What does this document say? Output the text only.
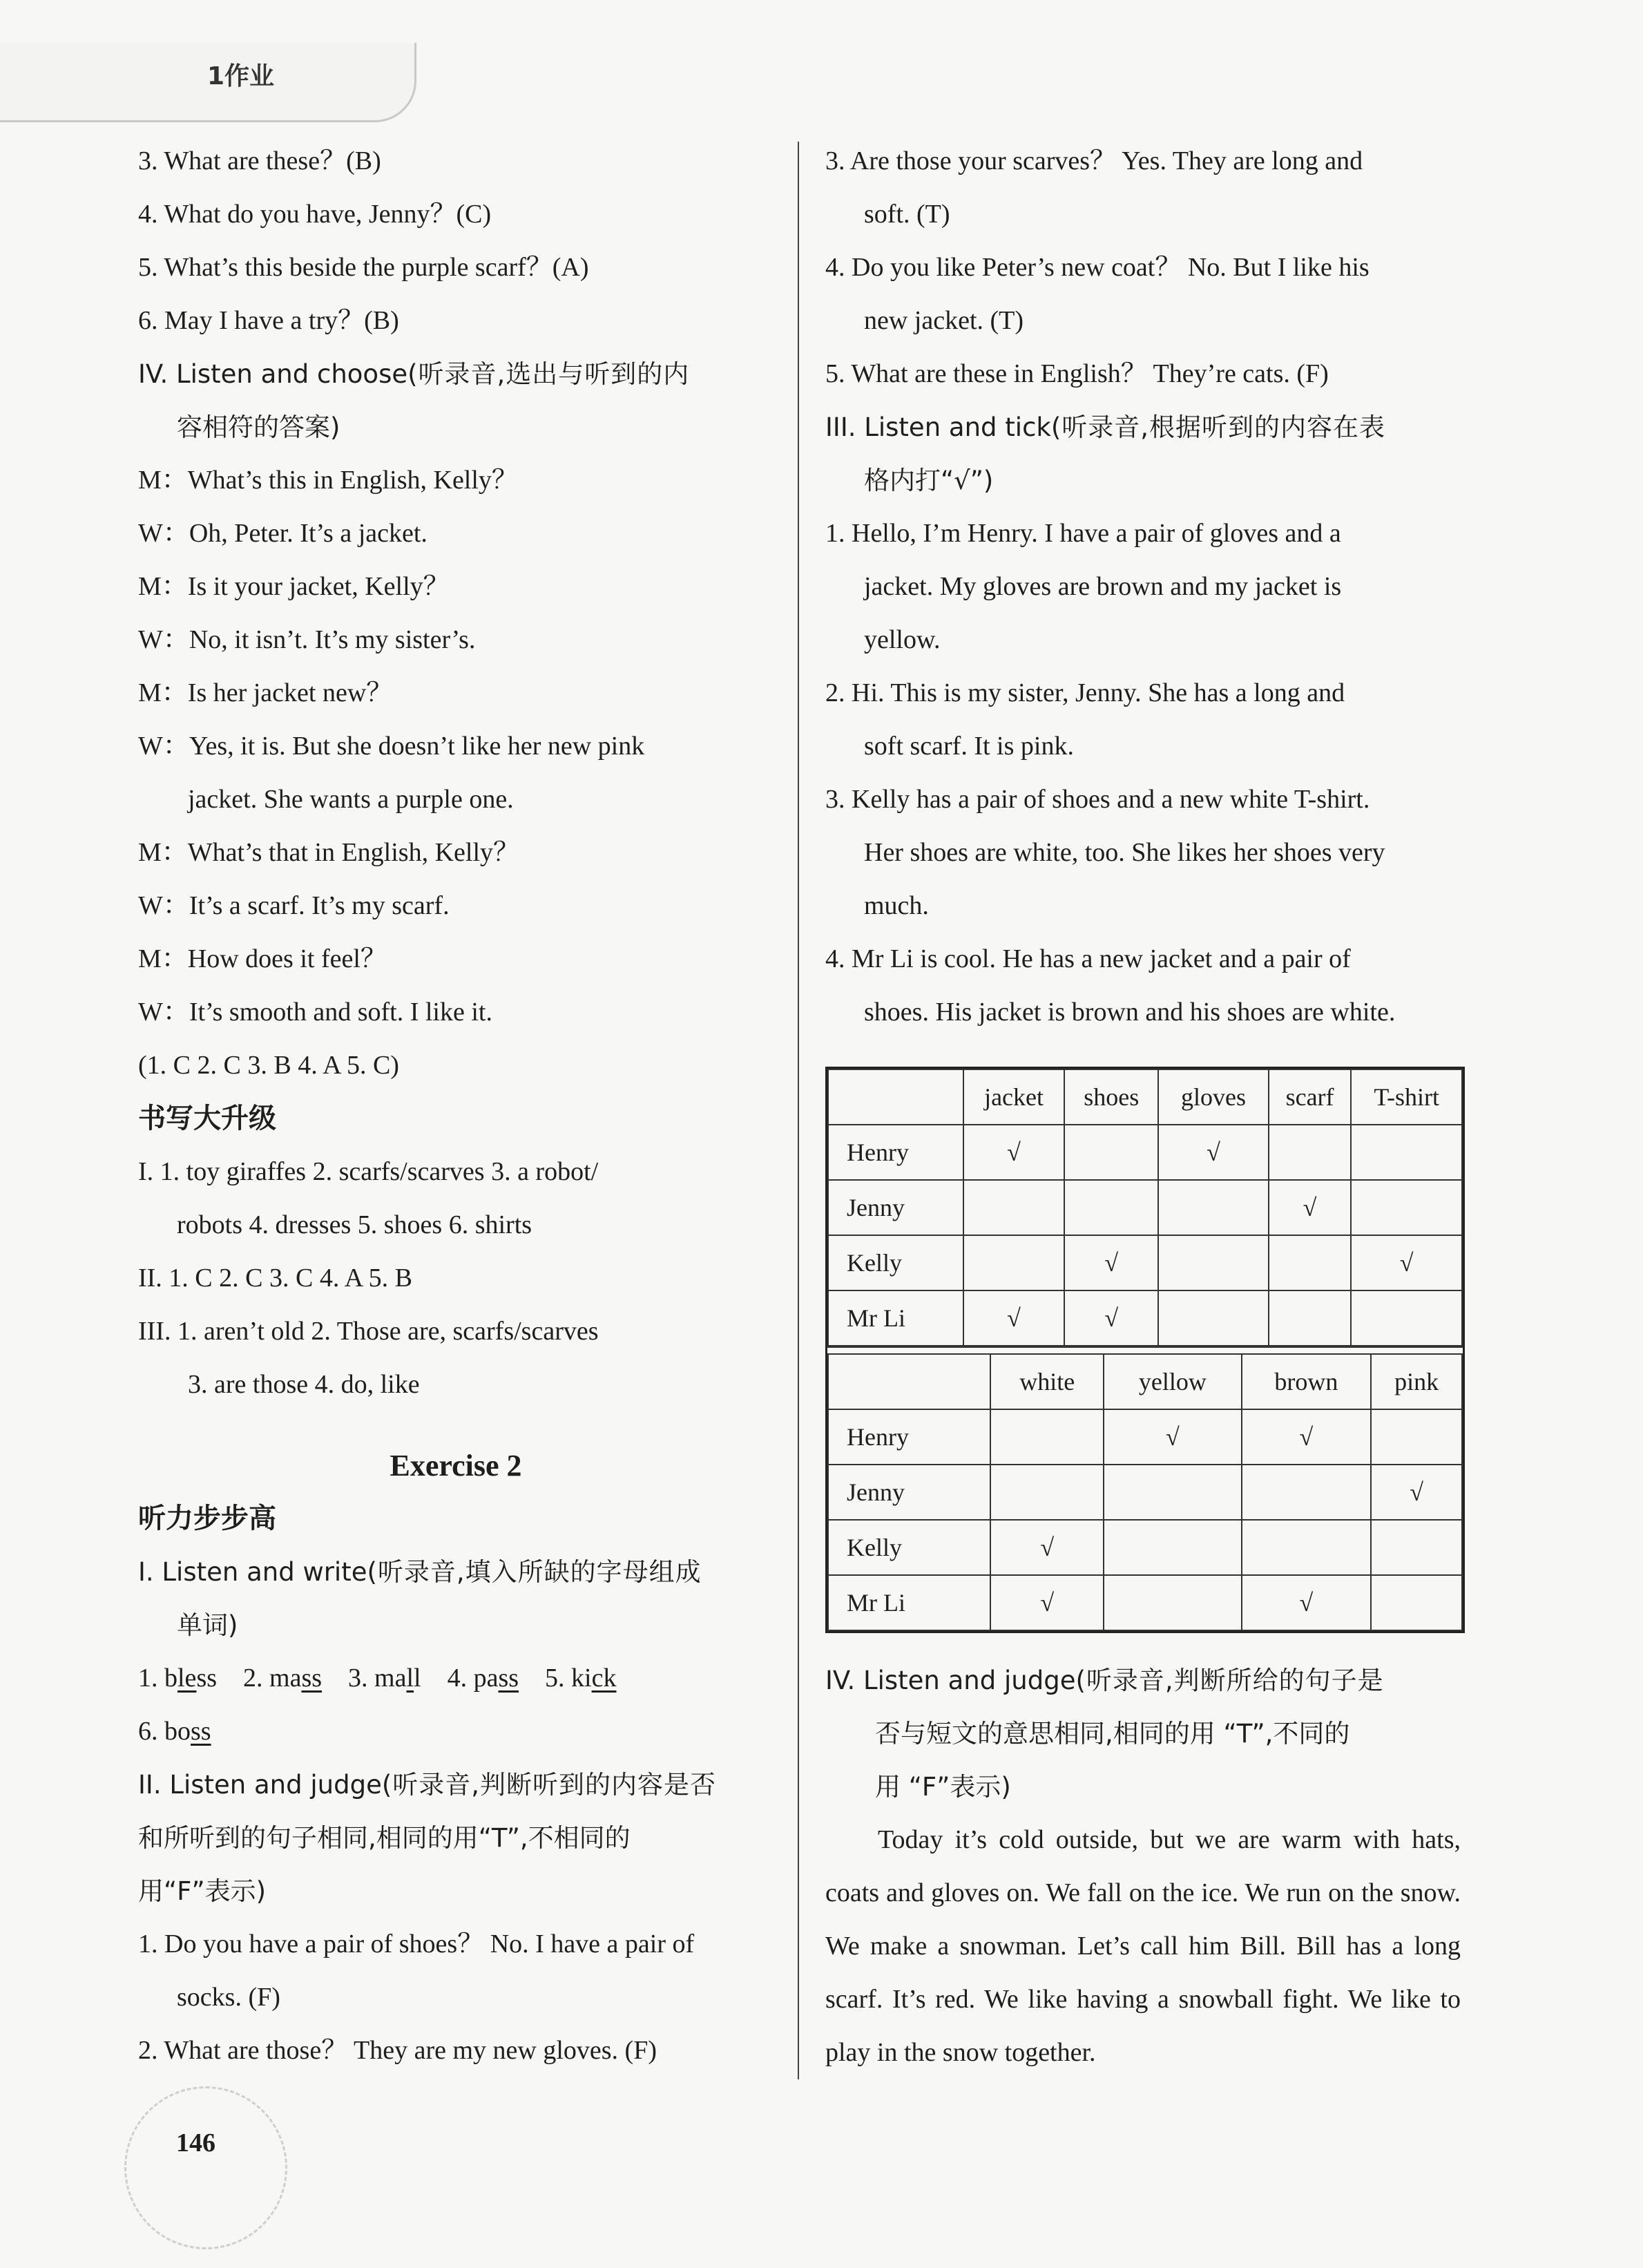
1作业
3. What are these？(B)
4. What do you have, Jenny？(C)
5. What’s this beside the purple scarf？(A)
6. May I have a try？(B)
IV. Listen and choose(听录音,选出与听到的内
容相符的答案)
M：What’s this in English, Kelly？
W：Oh, Peter. It’s a jacket.
M：Is it your jacket, Kelly？
W：No, it isn’t. It’s my sister’s.
M：Is her jacket new？
W：Yes, it is. But she doesn’t like her new pink
jacket. She wants a purple one.
M：What’s that in English, Kelly？
W：It’s a scarf. It’s my scarf.
M：How does it feel？
W：It’s smooth and soft. I like it.
(1. C 2. C 3. B 4. A 5. C)
书写大升级
I. 1. toy giraffes 2. scarfs/scarves 3. a robot/
robots 4. dresses 5. shoes 6. shirts
II. 1. C 2. C 3. C 4. A 5. B
III. 1. aren’t old 2. Those are, scarfs/scarves
3. are those 4. do, like
Exercise 2
听力步步高
I. Listen and write(听录音,填入所缺的字母组成
单词)
1. bless 2. mass 3. mall 4. pass 5. kick
6. boss
II. Listen and judge(听录音,判断听到的内容是否
和所听到的句子相同,相同的用“T”,不相同的
用“F”表示)
1. Do you have a pair of shoes？ No. I have a pair of
socks. (F)
2. What are those？ They are my new gloves. (F)
3. Are those your scarves？ Yes. They are long and
soft. (T)
4. Do you like Peter’s new coat？ No. But I like his
new jacket. (T)
5. What are these in English？ They’re cats. (F)
III. Listen and tick(听录音,根据听到的内容在表
格内打“√”)
1. Hello, I’m Henry. I have a pair of gloves and a
jacket. My gloves are brown and my jacket is
yellow.
2. Hi. This is my sister, Jenny. She has a long and
soft scarf. It is pink.
3. Kelly has a pair of shoes and a new white T-shirt.
Her shoes are white, too. She likes her shoes very
much.
4. Mr Li is cool. He has a new jacket and a pair of
shoes. His jacket is brown and his shoes are white.
	jacket	shoes	gloves	scarf	T-shirt
Henry	√		√		
Jenny				√	
Kelly		√			√
Mr Li	√	√			
	white	yellow	brown	pink
Henry		√	√	
Jenny				√
Kelly	√			
Mr Li	√		√	
IV. Listen and judge(听录音,判断所给的句子是
否与短文的意思相同,相同的用 “T”,不同的
用 “F”表示)
Today it’s cold outside, but we are warm with hats, coats and gloves on. We fall on the ice. We run on the snow. We make a snowman. Let’s call him Bill. Bill has a long scarf. It’s red. We like having a snowball fight. We like to play in the snow together.
146
